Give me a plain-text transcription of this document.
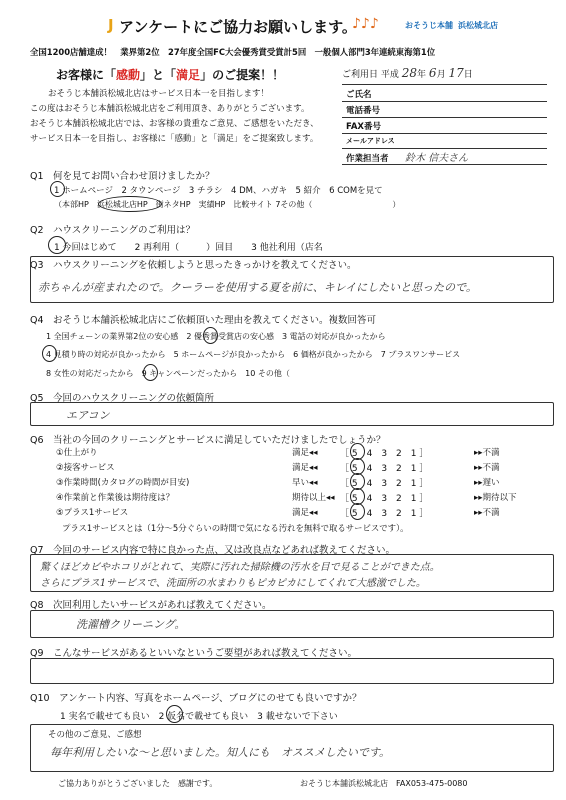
J アンケートにご協力お願いします。
♪♪♪	おそうじ本舗 浜松城北店
全国1200店舗達成！　業界第2位　27年度全国FC大会優秀賞受賞計5回　一般個人部門3年連続東海第1位
お客様に「感動」と「満足」のご提案！！
おそうじ本舗浜松城北店はサービス日本一を目指します！
この度はおそうじ本舗浜松城北店をご利用頂き、ありがとうございます。
おそうじ本舗浜松城北店では、お客様の貴重なご意見、ご感想をいただき、
サービス日本一を目指し、お客様に「感動」と「満足」をご提案致します。
ご利用日 平成 28年 6月 17日
ご氏名
電話番号
FAX番号
メールアドレス
作業担当者 鈴木 信夫さん
Q1　何を見てお問い合わせ頂けましたか？
1 ホームページ　2 タウンページ　3 チラシ　4 DM、ハガキ　5 紹介　6 COMを見て
（本部HP　浜松城北店HP　街ネタHP　実績HP　比較サイト 7その他（　　　　　　　　　　）
Q2　ハウスクリーニングのご利用は？
1 今回はじめて　　2 再利用（　　　）回目　　3 他社利用（店名
Q3　ハウスクリーニングを依頼しようと思ったきっかけを教えてください。
赤ちゃんが産まれたので。クーラーを使用する夏を前に、キレイにしたいと思ったので。
Q4　おそうじ本舗浜松城北店にご依頼頂いた理由を教えてください。複数回答可
1 全国チェーンの業界第2位の安心感　2 優秀賞受賞店の安心感　3 電話の対応が良かったから
4 見積り時の対応が良かったから　5 ホームページが良かったから　6 価格が良かったから　7 プラスワンサービス
8 女性の対応だったから　9 キャンペーンだったから　10 その他（
Q5　今回のハウスクリーニングの依頼箇所
エアコン
Q6　当社の今回のクリーニングとサービスに満足していただけましたでしょうか？
①仕上がり	満足◂◂ ［ 5　4　3　2　1 ］	▸▸不満
②接客サービス	満足◂◂ ［ 5　4　3　2　1 ］	▸▸不満
③作業時間(カタログの時間が目安)	早い◂◂ ［ 5　4　3　2　1 ］	▸▸遅い
④作業前と作業後は期待度は？	期待以上◂◂ ［ 5　4　3　2　1 ］	▸▸期待以下
⑤プラス1サービス	満足◂◂ ［ 5　4　3　2　1 ］	▸▸不満
プラス1サービスとは（1分～5分ぐらいの時間で気になる汚れを無料で取るサービスです）。
Q7　今回のサービス内容で特に良かった点、又は改良点などあれば教えてください。
驚くほどカビやホコリがとれて、実際に汚れた掃除機の汚水を目で見ることができた点。
さらにプラス1サービスで、洗面所の水まわりもピカピカにしてくれて大感激でした。
Q8　次回利用したいサービスがあれば教えてください。
洗濯槽クリーニング。
Q9　こんなサービスがあるといいなというご要望があれば教えてください。
Q10　アンケート内容、写真をホームページ、ブログにのせても良いですか？
1 実名で載せても良い　2 仮名で載せても良い　3 載せないで下さい
その他のご意見、ご感想
毎年利用したいな～と思いました。知人にも　オススメしたいです。
ご協力ありがとうございました　感謝です。	おそうじ本舗浜松城北店　FAX053-475-0080
